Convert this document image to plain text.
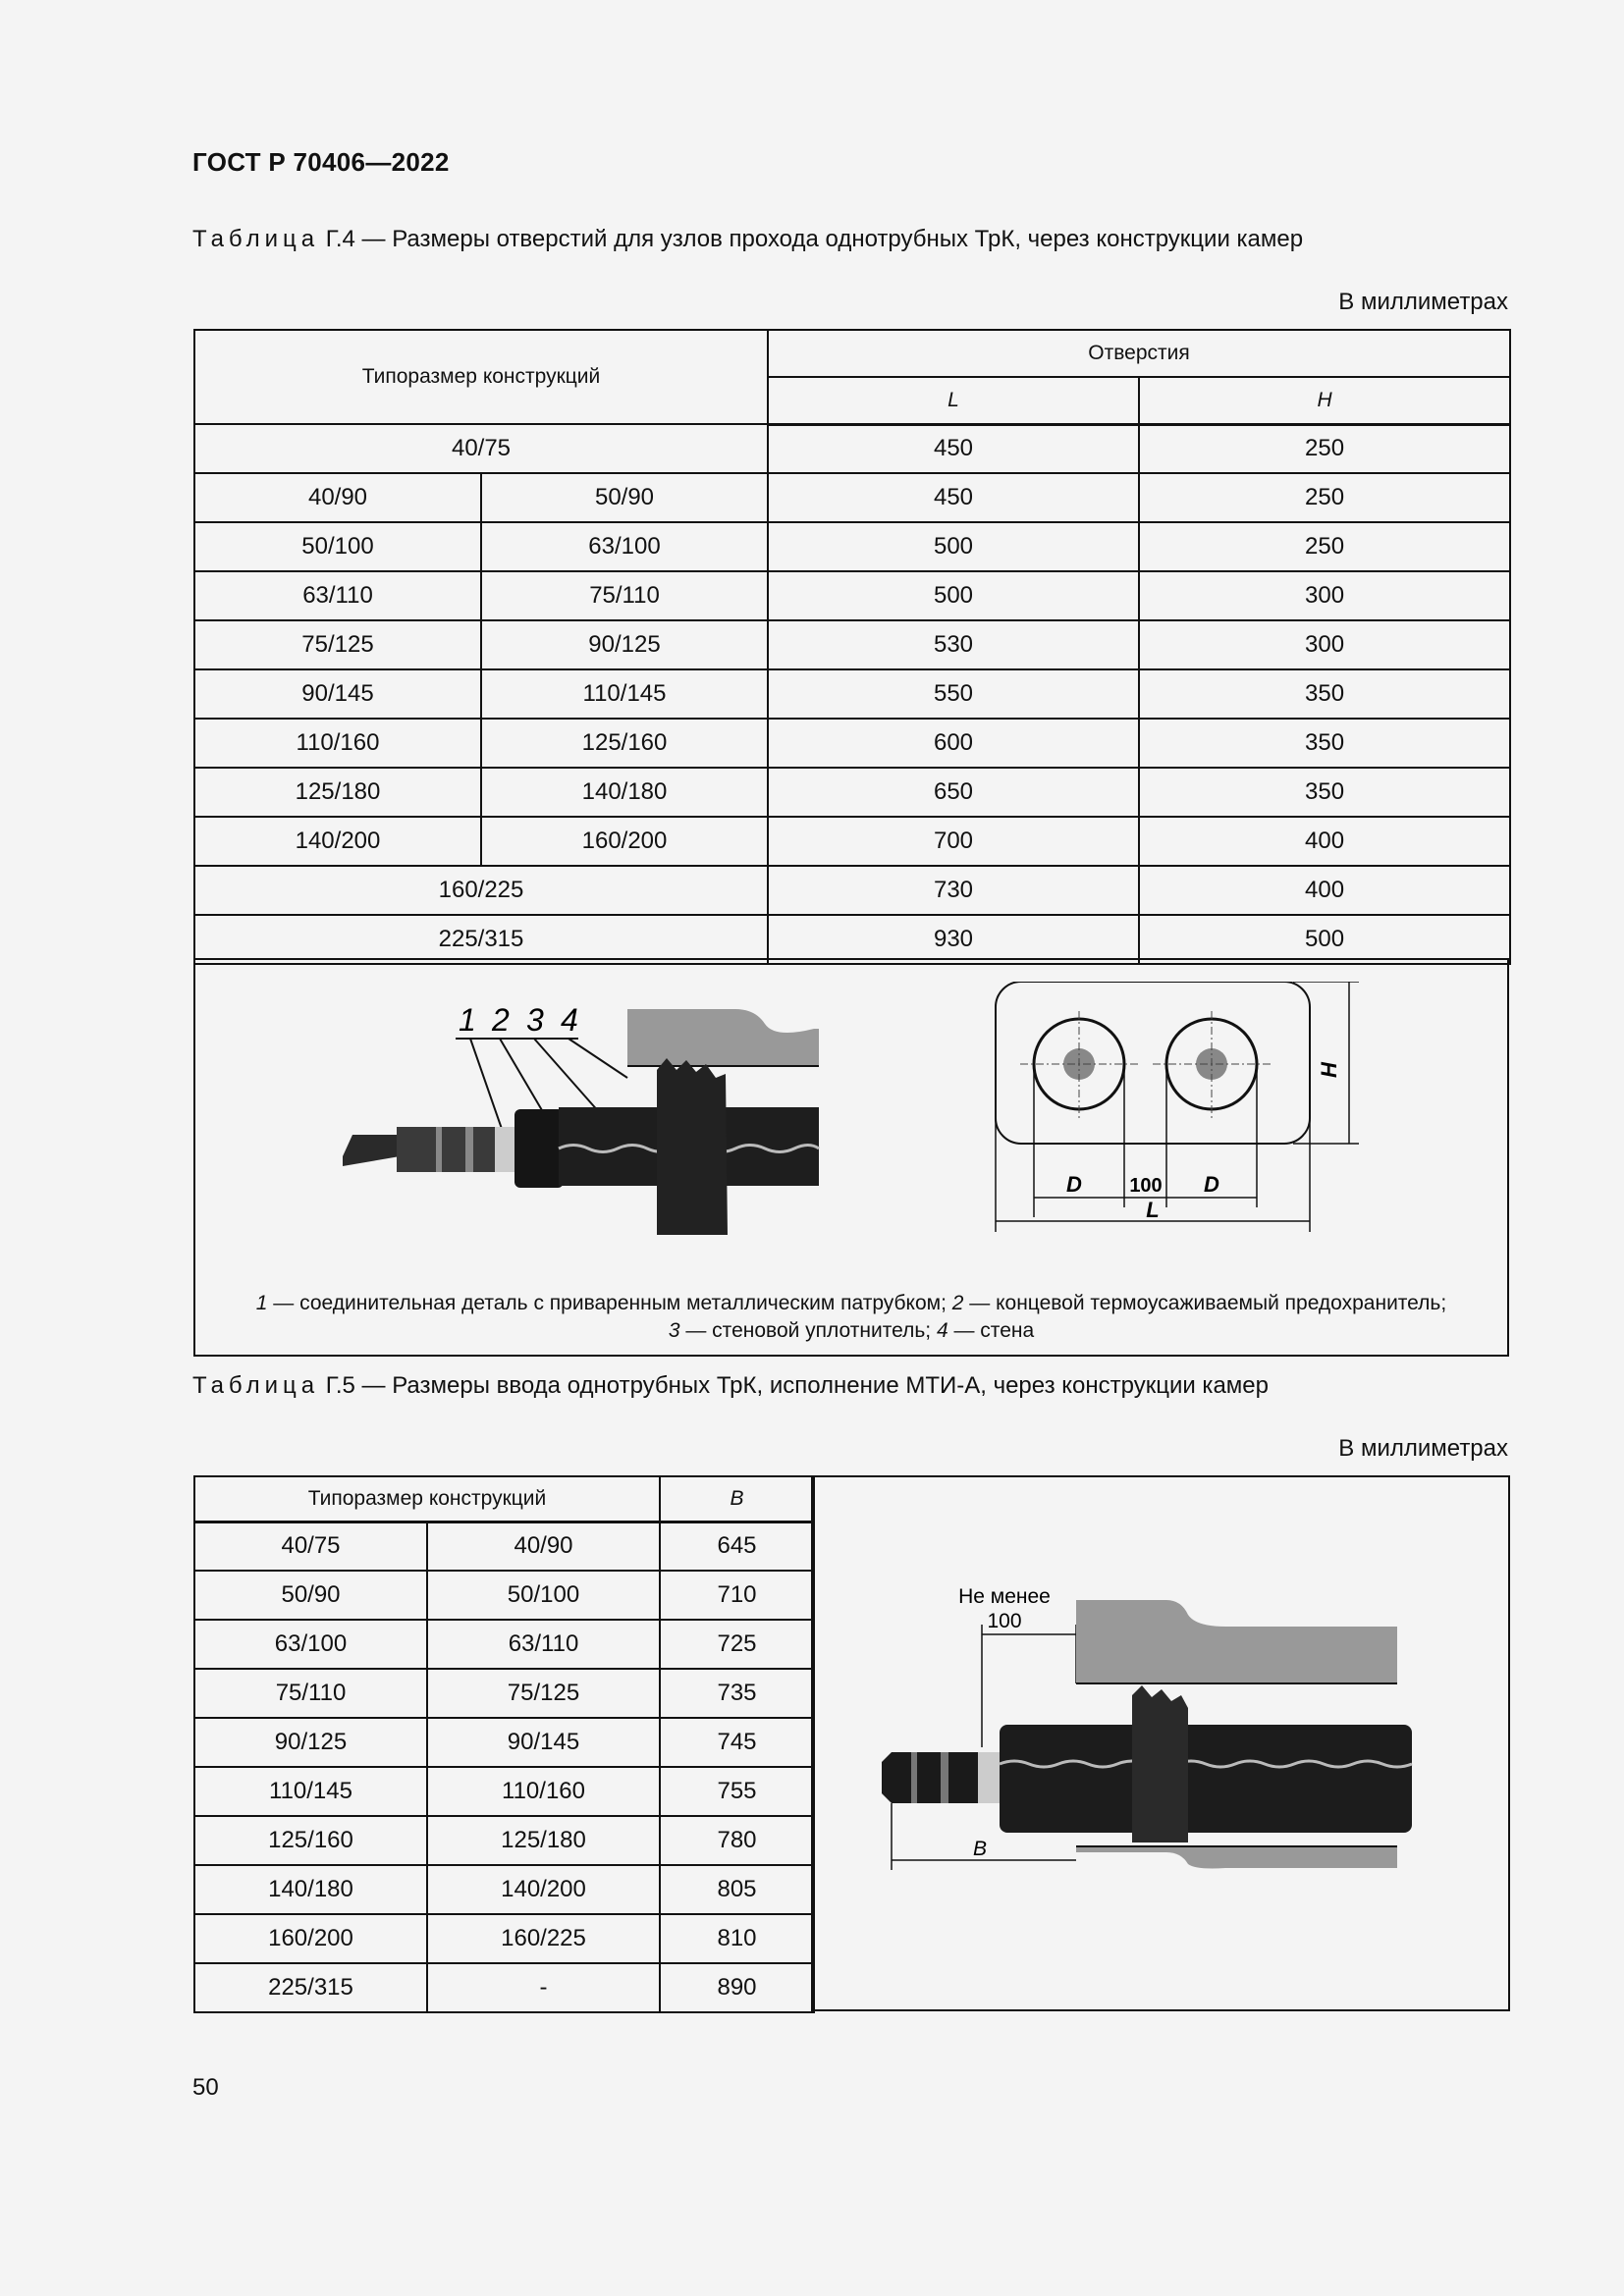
ГОСТ Р 70406—2022
Таблица Г.4 — Размеры отверстий для узлов прохода однотрубных ТрК, через конструкции камер
В миллиметрах
Типоразмер конструкций		Отверстия	
		L	H
40/75		450	250
40/90	50/90	450	250
50/100	63/100	500	250
63/110	75/110	500	300
75/125	90/125	530	300
90/145	110/145	550	350
110/160	125/160	600	350
125/180	140/180	650	350
140/200	160/200	700	400
160/225		730	400
225/315		930	500
1 2 3 4
D 100 D
L
H
1 — соединительная деталь с приваренным металлическим патрубком; 2 — концевой термоусаживаемый предохранитель;
3 — стеновой уплотнитель; 4 — стена
Таблица Г.5 — Размеры ввода однотрубных ТрК, исполнение МТИ-А, через конструкции камер
В миллиметрах
Типоразмер конструкций		B
40/75	40/90	645
50/90	50/100	710
63/100	63/110	725
75/110	75/125	735
90/125	90/145	745
110/145	110/160	755
125/160	125/180	780
140/180	140/200	805
160/200	160/225	810
225/315	-	890
Не менее
100
B
50
